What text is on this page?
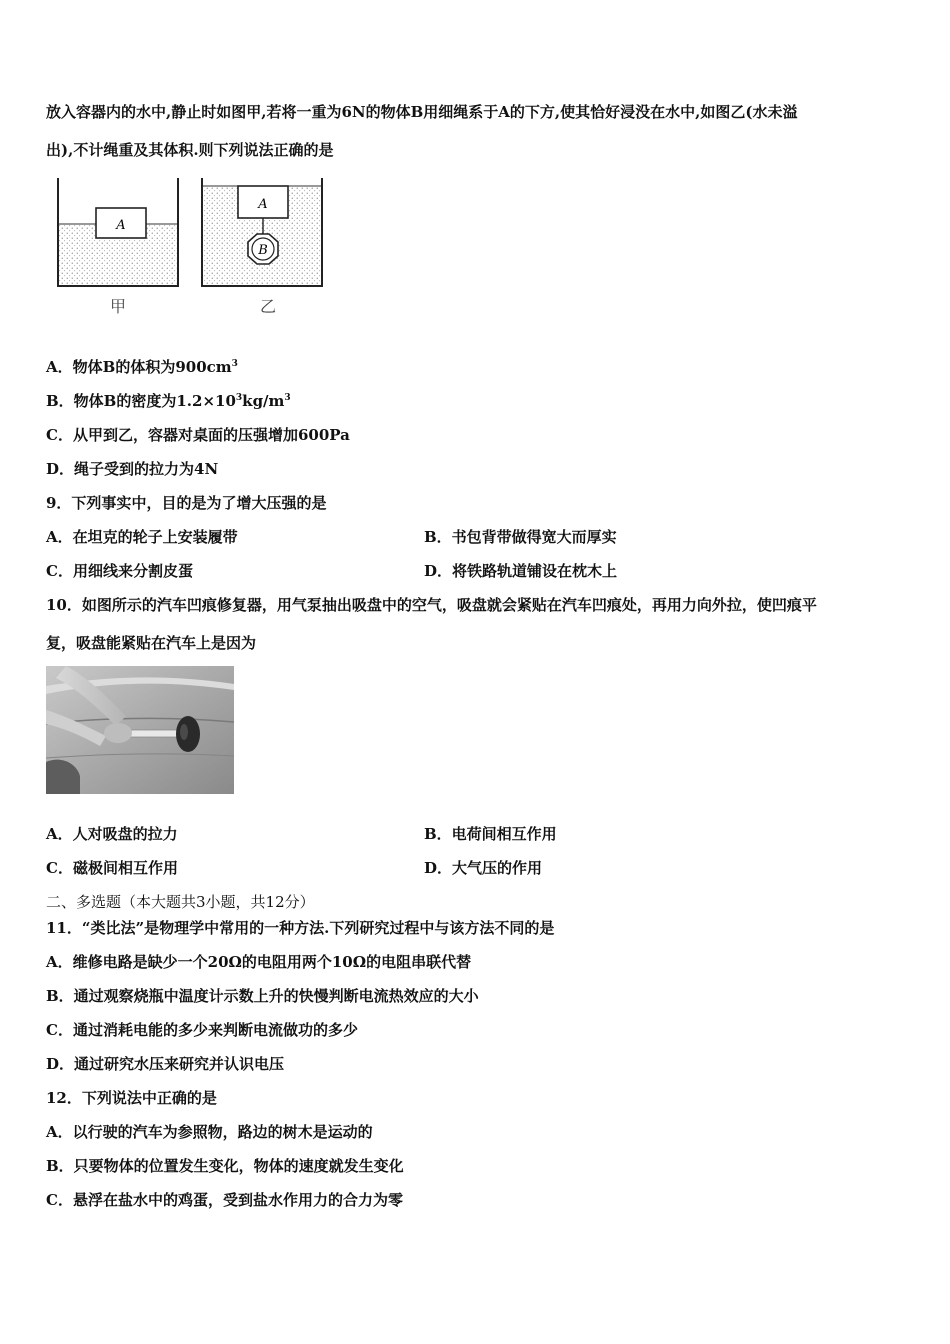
放入容器内的水中,静止时如图甲,若将一重为6N的物体B用细绳系于A的下方,使其恰好浸没在水中,如图乙(水未溢
出),不计绳重及其体积.则下列说法正确的是
A
甲
A
B
乙
A．物体B的体积为$900cm^3$
B．物体B的密度为$1.2\times 10^3kg/m^3$
C．从甲到乙，容器对桌面的压强增加600Pa
D．绳子受到的拉力为4N
9．下列事实中，目的是为了增大压强的是
A．在坦克的轮子上安装履带	B．书包背带做得宽大而厚实
C．用细线来分割皮蛋	D．将铁路轨道铺设在枕木上
10．如图所示的汽车凹痕修复器，用气泵抽出吸盘中的空气，吸盘就会紧贴在汽车凹痕处，再用力向外拉，使凹痕平
复，吸盘能紧贴在汽车上是因为
A．人对吸盘的拉力	B．电荷间相互作用
C．磁极间相互作用	D．大气压的作用
二、多选题（本大题共3小题，共12分）
11．“类比法”是物理学中常用的一种方法.下列研究过程中与该方法不同的是
A．维修电路是缺少一个20Ω的电阻用两个10Ω的电阻串联代替
B．通过观察烧瓶中温度计示数上升的快慢判断电流热效应的大小
C．通过消耗电能的多少来判断电流做功的多少
D．通过研究水压来研究并认识电压
12．下列说法中正确的是
A．以行驶的汽车为参照物，路边的树木是运动的
B．只要物体的位置发生变化，物体的速度就发生变化
C．悬浮在盐水中的鸡蛋，受到盐水作用力的合力为零
